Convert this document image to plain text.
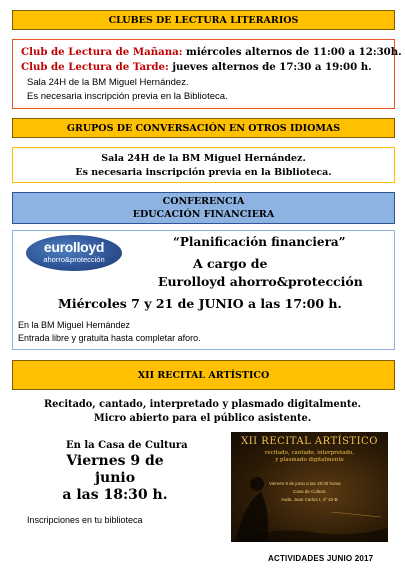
CLUBES DE LECTURA LITERARIOS
Club de Lectura de Mañana: miércoles alternos de 11:00 a 12:30h.
Club de Lectura de Tarde: jueves alternos de 17:30 a 19:00 h.
Sala 24H de la BM Miguel Hernández.
Es necesaria inscripción previa en la Biblioteca.
GRUPOS DE CONVERSACIÓN EN OTROS IDIOMAS
Sala 24H de la BM Miguel Hernández.
Es necesaria inscripción previa en la Biblioteca.
CONFERENCIA
EDUCACIÓN FINANCIERA
eurolloyd
ahorro&protección
“Planificación financiera”
A cargo de
Eurolloyd ahorro&protección
Miércoles 7 y 21 de JUNIO a las 17:00 h.
En la BM Miguel Hernández
Entrada libre y gratuita hasta completar aforo.
XII RECITAL ARTÍSTICO
Recitado, cantado, interpretado y plasmado digitalmente.
Micro abierto para el público asistente.
En la Casa de Cultura
Viernes 9 de
junio
a las 18:30 h.
Inscripciones en tu biblioteca
XII RECITAL ARTÍSTICO
recitado, cantado, interpretado,
y plasmado digitalmente
Viernes 9 de junio a las 18:30 horas
Casa de Cultura
Avda. Juan Carlos I, nº 42-B
ACTIVIDADES JUNIO 2017
